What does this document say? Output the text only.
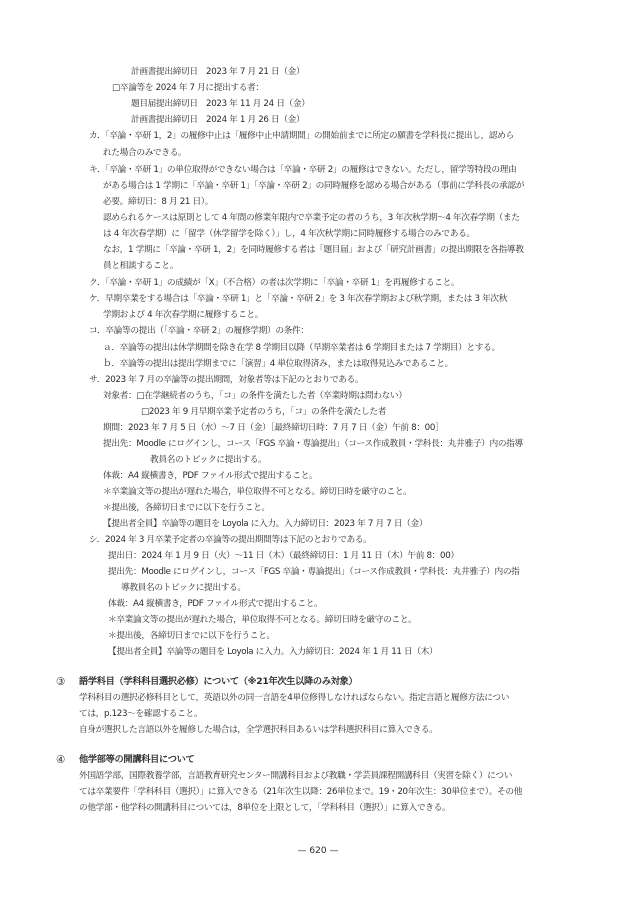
計画書提出締切日　2023 年 7 月 21 日（金）
□卒論等を 2024 年 7 月に提出する者：
題目届提出締切日　2023 年 11 月 24 日（金）
計画書提出締切日　2024 年 1 月 26 日（金）
カ．「卒論・卒研 1，2」の履修中止は「履修中止申請期間」の開始前までに所定の願書を学科長に提出し，認めら
れた場合のみできる。
キ．「卒論・卒研 1」の単位取得ができない場合は「卒論・卒研 2」の履修はできない。ただし，留学等特段の理由
がある場合は 1 学期に「卒論・卒研 1」「卒論・卒研 2」の同時履修を認める場合がある（事前に学科長の承認が
必要。締切日：8 月 21 日）。
認められるケースは原則として 4 年間の修業年限内で卒業予定の者のうち，3 年次秋学期〜4 年次春学期（また
は 4 年次春学期）に「留学（休学留学を除く）」し，4 年次秋学期に同時履修する場合のみである。
なお，1 学期に「卒論・卒研 1，2」を同時履修する者は「題目届」および「研究計画書」の提出期限を各指導教
員と相談すること。
ク．「卒論・卒研 1」の成績が「X」（不合格）の者は次学期に「卒論・卒研 1」を再履修すること。
ケ．早期卒業をする場合は「卒論・卒研 1」と「卒論・卒研 2」を 3 年次春学期および秋学期，または 3 年次秋
学期および 4 年次春学期に履修すること。
コ．卒論等の提出（「卒論・卒研 2」の履修学期）の条件：
ａ．卒論等の提出は休学期間を除き在学 8 学期目以降（早期卒業者は 6 学期目または 7 学期目）とする。
ｂ．卒論等の提出は提出学期までに「演習」4 単位取得済み，または取得見込みであること。
サ．2023 年 7 月の卒論等の提出期間，対象者等は下記のとおりである。
対象者：□在学継続者のうち，「コ」の条件を満たした者（卒業時期は問わない）
□2023 年 9 月早期卒業予定者のうち，「コ」の条件を満たした者
期間：2023 年 7 月 5 日（水）〜7 日（金）［最終締切日時：7 月 7 日（金）午前 8：00］
提出先：Moodle にログインし，コース「FGS 卒論・専論提出」（コース作成教員・学科長：丸井雅子）内の指導
教員名のトピックに提出する。
体裁：A4 縦横書き，PDF ファイル形式で提出すること。
＊卒業論文等の提出が遅れた場合，単位取得不可となる。締切日時を厳守のこと。
＊提出後，各締切日までに以下を行うこと。
【提出者全員】卒論等の題目を Loyola に入力。入力締切日：2023 年 7 月 7 日（金）
シ．2024 年 3 月卒業予定者の卒論等の提出期間等は下記のとおりである。
提出日：2024 年 1 月 9 日（火）〜11 日（木）（最終締切日：1 月 11 日（木）午前 8：00）
提出先：Moodle にログインし，コース「FGS 卒論・専論提出」（コース作成教員・学科長：丸井雅子）内の指
導教員名のトピックに提出する。
体裁：A4 縦横書き，PDF ファイル形式で提出すること。
＊卒業論文等の提出が遅れた場合，単位取得不可となる。締切日時を厳守のこと。
＊提出後，各締切日までに以下を行うこと。
【提出者全員】卒論等の題目を Loyola に入力。入力締切日：2024 年 1 月 11 日（木）
③ 語学科目（学科科目選択必修）について（※21年次生以降のみ対象）
学科科目の選択必修科目として，英語以外の同一言語を4単位修得しなければならない。指定言語と履修方法につい
ては，p.123〜を確認すること。
自身が選択した言語以外を履修した場合は，全学選択科目あるいは学科選択科目に算入できる。
④ 他学部等の開講科目について
外国語学部，国際教養学部，言語教育研究センター開講科目および教職・学芸員課程開講科目（実習を除く）につい
ては卒業要件「学科科目（選択）」に算入できる（21年次生以降：26単位まで。19・20年次生：30単位まで）。その他
の他学部・他学科の開講科目については，8単位を上限として，「学科科目（選択）」に算入できる。
— 620 —
